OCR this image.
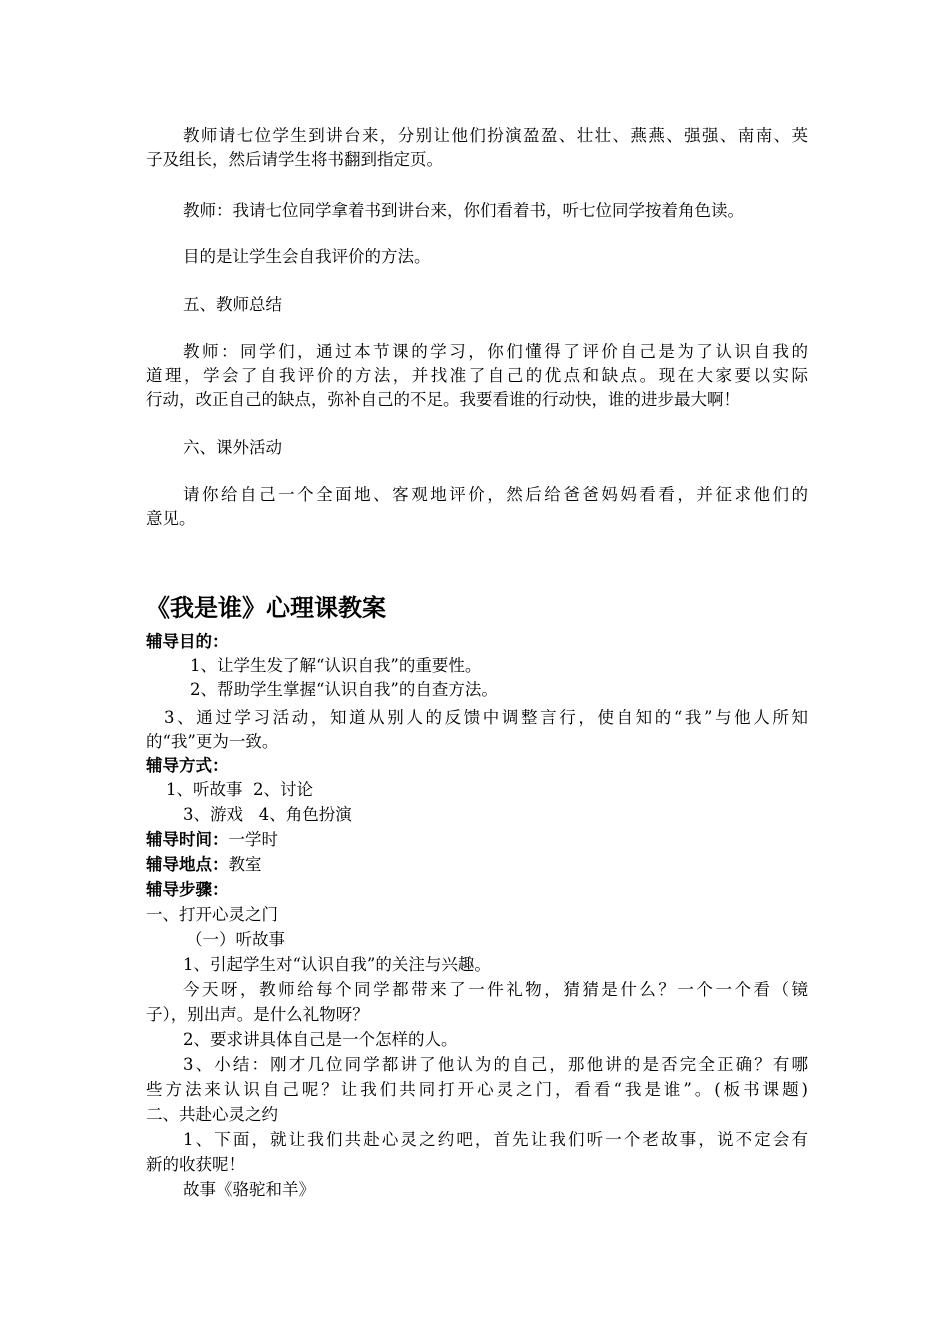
教师请七位学生到讲台来，分别让他们扮演盈盈、壮壮、燕燕、强强、南南、英
子及组长，然后请学生将书翻到指定页。
教师：我请七位同学拿着书到讲台来，你们看着书，听七位同学按着角色读。
目的是让学生会自我评价的方法。
五、教师总结
教师：同学们，通过本节课的学习，你们懂得了评价自己是为了认识自我的
道理，学会了自我评价的方法，并找准了自己的优点和缺点。现在大家要以实际
行动，改正自己的缺点，弥补自己的不足。我要看谁的行动快，谁的进步最大啊！
六、课外活动
请你给自己一个全面地、客观地评价，然后给爸爸妈妈看看，并征求他们的
意见。
《我是谁》心理课教案
辅导目的：
1、让学生发了解“认识自我”的重要性。
2、帮助学生掌握“认识自我”的自查方法。
3、通过学习活动，知道从别人的反馈中调整言行，使自知的“我”与他人所知
的“我”更为一致。
辅导方式：
1、听故事  2、讨论
3、游戏   4、角色扮演
辅导时间：一学时
辅导地点：教室
辅导步骤：
一、打开心灵之门
（一）听故事
1、引起学生对“认识自我”的关注与兴趣。
今天呀，教师给每个同学都带来了一件礼物，猜猜是什么？一个一个看（镜
子），别出声。是什么礼物呀？
2、要求讲具体自己是一个怎样的人。
3、小结：刚才几位同学都讲了他认为的自己，那他讲的是否完全正确？有哪
些方法来认识自己呢？让我们共同打开心灵之门，看看“我是谁”。(板书课题)
二、共赴心灵之约
1、下面，就让我们共赴心灵之约吧，首先让我们听一个老故事，说不定会有
新的收获呢！
故事《骆驼和羊》
